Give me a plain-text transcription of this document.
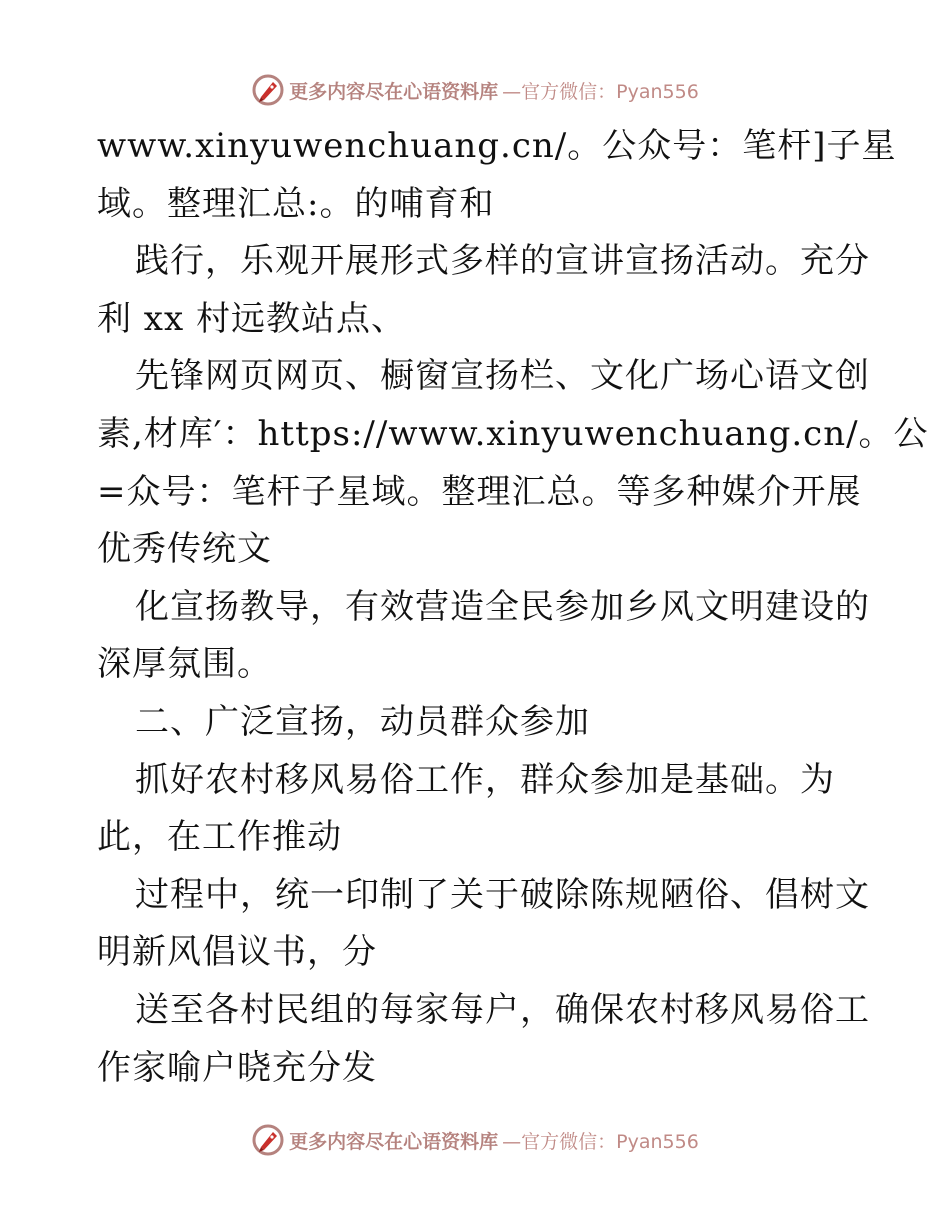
更多内容尽在心语资料库 —官方微信：Pyan556
www.xinyuwenchuang.cn/。公众号：笔杆]子星
域。整理汇总:。的哺育和
践行，乐观开展形式多样的宣讲宣扬活动。充分
利 xx 村远教站点、
先锋网页网页、橱窗宣扬栏、文化广场心语文创
素,材库′：https://www.xinyuwenchuang.cn/。公
=众号：笔杆子星域。整理汇总。等多种媒介开展
优秀传统文
化宣扬教导，有效营造全民参加乡风文明建设的
深厚氛围。
二、广泛宣扬，动员群众参加
抓好农村移风易俗工作，群众参加是基础。为
此，在工作推动
过程中，统一印制了关于破除陈规陋俗、倡树文
明新风倡议书，分
送至各村民组的每家每户，确保农村移风易俗工
作家喻户晓充分发
更多内容尽在心语资料库 —官方微信：Pyan556
